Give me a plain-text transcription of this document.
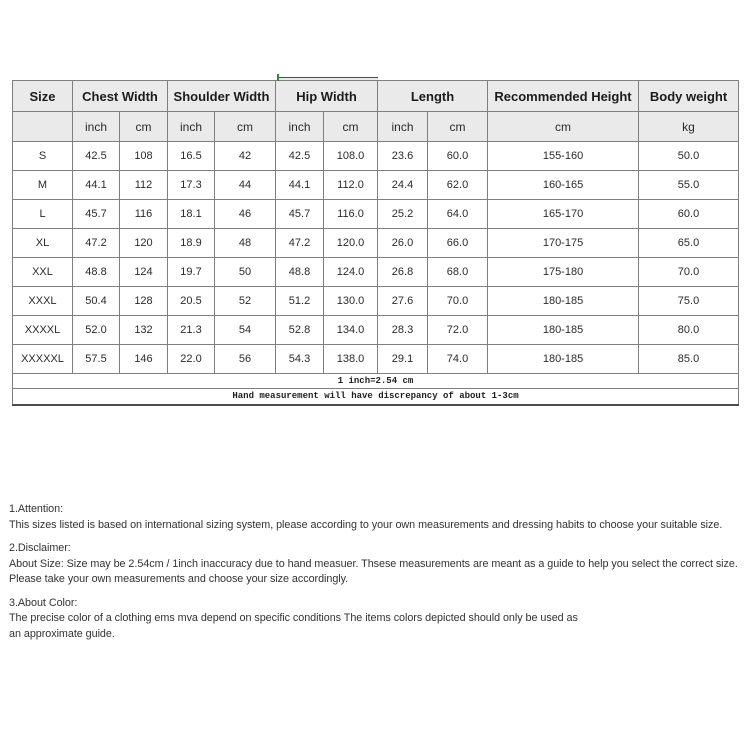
Size	Chest Width		Shoulder Width		Hip Width		Length		Recommended Height	Body weight
	inch	cm	inch	cm	inch	cm	inch	cm	cm	kg
S	42.5	108	16.5	42	42.5	108.0	23.6	60.0	155-160	50.0
M	44.1	112	17.3	44	44.1	112.0	24.4	62.0	160-165	55.0
L	45.7	116	18.1	46	45.7	116.0	25.2	64.0	165-170	60.0
XL	47.2	120	18.9	48	47.2	120.0	26.0	66.0	170-175	65.0
XXL	48.8	124	19.7	50	48.8	124.0	26.8	68.0	175-180	70.0
XXXL	50.4	128	20.5	52	51.2	130.0	27.6	70.0	180-185	75.0
XXXXL	52.0	132	21.3	54	52.8	134.0	28.3	72.0	180-185	80.0
XXXXXL	57.5	146	22.0	56	54.3	138.0	29.1	74.0	180-185	85.0
1 inch=2.54 cm										
Hand measurement will have discrepancy of about 1-3cm										

1.Attention:

This sizes listed is based on international sizing system, please according to your own measurements and dressing habits to choose your suitable size.

2.Disclaimer:

About Size: Size may be 2.54cm / 1inch inaccuracy due to hand measuer. Thsese measurements are meant as a guide to help you select the correct size.

Please take your own measurements and choose your size accordingly.

3.About Color:

The precise color of a clothing ems mva depend on specific conditions The items colors depicted should only be used as

an approximate guide.
